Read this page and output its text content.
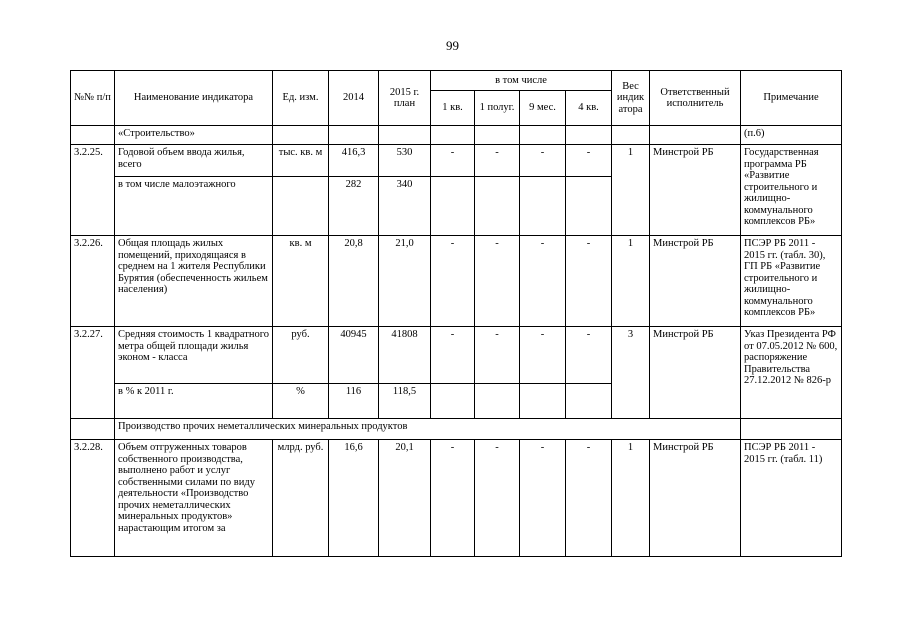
99
№№ п/п	Наименование индикатора	Ед. изм.	2014	2015 г. план	в том числе				Вес индик атора	Ответственный исполнитель	Примечание
					1 кв.	1 полуг.	9 мес.	4 кв.			
	«Строительство»										(п.6)
3.2.25.	Годовой объем ввода жилья, всего	тыс. кв. м	416,3	530	-	-	-	-	1	Минстрой РБ	Государственная программа РБ «Развитие строительного и жилищно-коммунального комплексов РБ»
	в том числе малоэтажного		282	340							
3.2.26.	Общая площадь жилых помещений, приходящаяся в среднем на 1 жителя Республики Бурятия (обеспеченность жильем населения)	кв. м	20,8	21,0	-	-	-	-	1	Минстрой РБ	ПСЭР РБ 2011 - 2015 гг. (табл. 30), ГП РБ «Развитие строительного и жилищно-коммунального комплексов РБ»
3.2.27.	Средняя стоимость 1 квадратного метра общей площади жилья эконом - класса	руб.	40945	41808	-	-	-	-	3	Минстрой РБ	Указ Президента РФ от 07.05.2012 № 600, распоряжение Правительства 27.12.2012 № 826-р
	в % к 2011 г.	%	116	118,5							
	Производство прочих неметаллических минеральных продуктов										
3.2.28.	Объем отгруженных товаров собственного производства, выполнено работ и услуг собственными силами по виду деятельности «Производство прочих неметаллических минеральных продуктов» нарастающим итогом за	млрд. руб.	16,6	20,1	-	-	-	-	1	Минстрой РБ	ПСЭР РБ 2011 - 2015 гг. (табл. 11)
